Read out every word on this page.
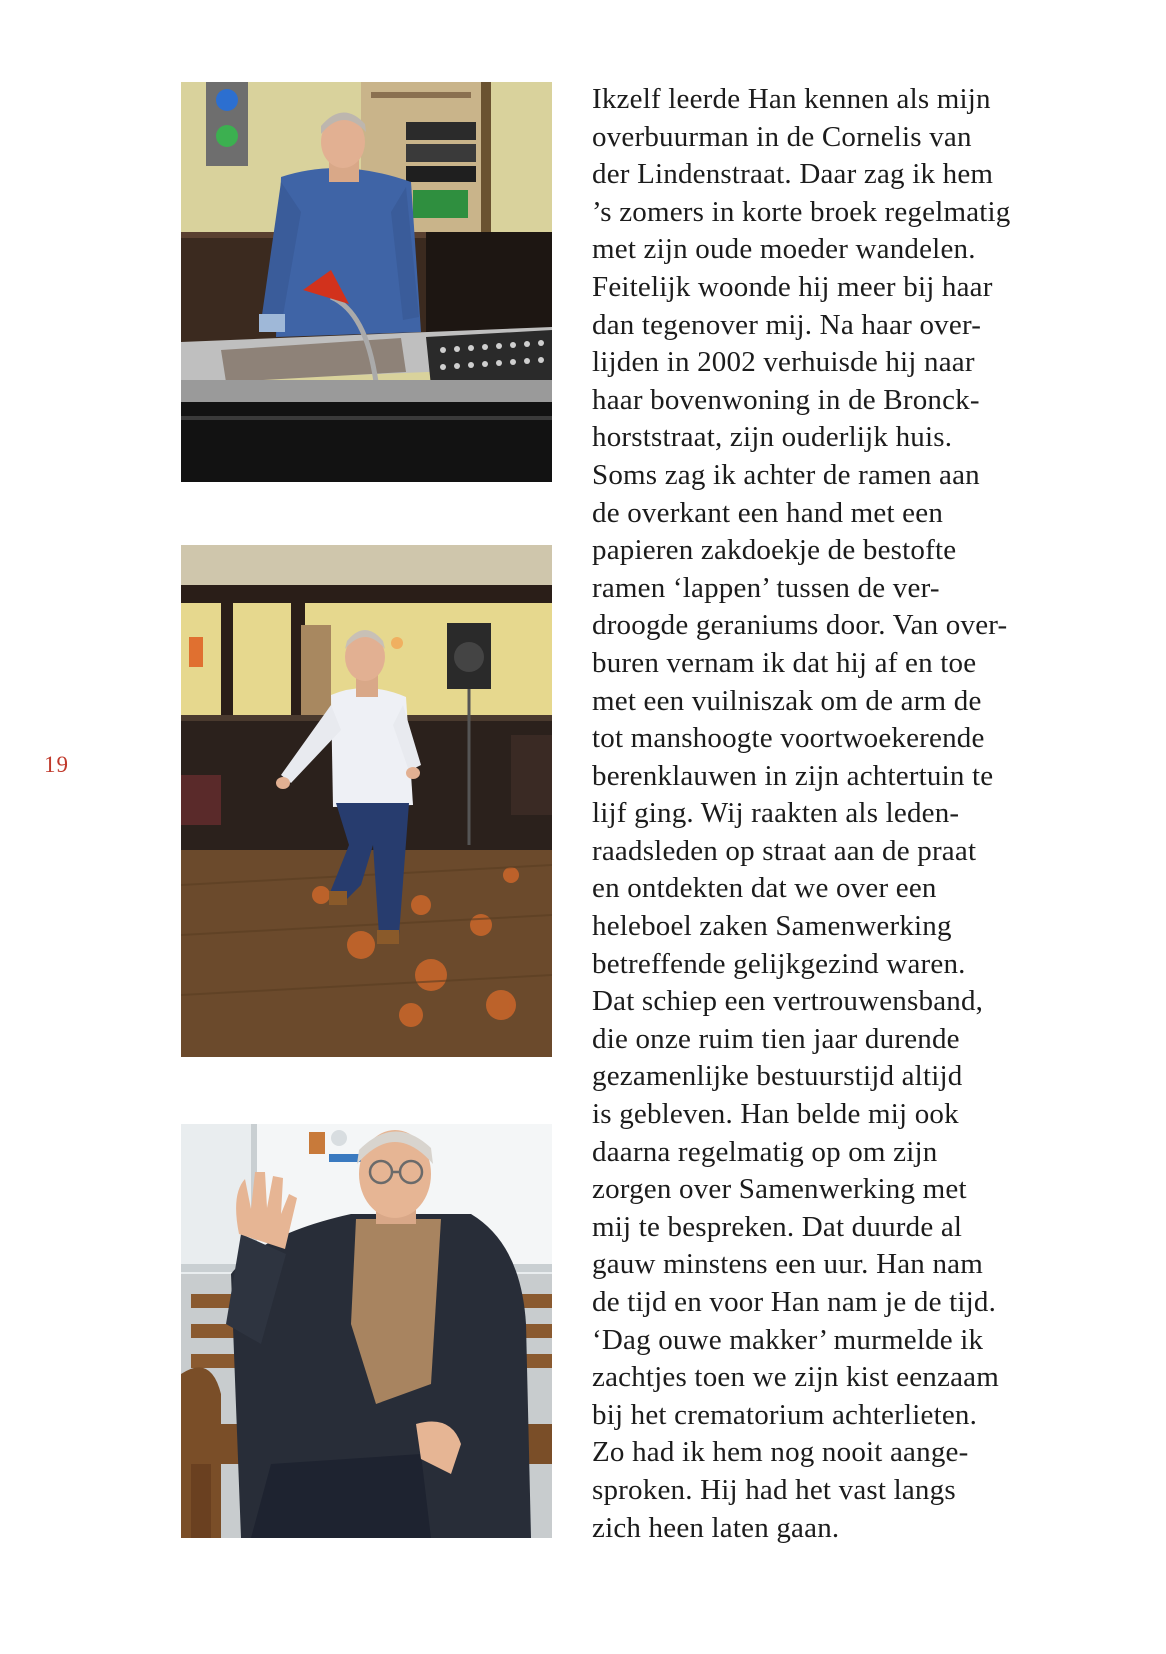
19
Ikzelf leerde Han kennen als mijn
overbuurman in de Cornelis van
der Lindenstraat. Daar zag ik hem
’s zomers in korte broek regelmatig
met zijn oude moeder wandelen.
Feitelijk woonde hij meer bij haar
dan tegenover mij. Na haar over-
lijden in 2002 verhuisde hij naar
haar bovenwoning in de Bronck-
horststraat, zijn ouderlijk huis.
Soms zag ik achter de ramen aan
de overkant een hand met een
papieren zakdoekje de bestofte
ramen ‘lappen’ tussen de ver-
droogde geraniums door. Van over-
buren vernam ik dat hij af en toe
met een vuilniszak om de arm de
tot manshoogte voortwoekerende
berenklauwen in zijn achtertuin te
lijf ging. Wij raakten als leden-
raadsleden op straat aan de praat
en ontdekten dat we over een
heleboel zaken Samenwerking
betreffende gelijkgezind waren.
Dat schiep een vertrouwensband,
die onze ruim tien jaar durende
gezamenlijke bestuurstijd altijd
is gebleven. Han belde mij ook
daarna regelmatig op om zijn
zorgen over Samenwerking met
mij te bespreken. Dat duurde al
gauw minstens een uur. Han nam
de tijd en voor Han nam je de tijd.
‘Dag ouwe makker’ murmelde ik
zachtjes toen we zijn kist eenzaam
bij het crematorium achterlieten.
Zo had ik hem nog nooit aange-
sproken. Hij had het vast langs
zich heen laten gaan.
